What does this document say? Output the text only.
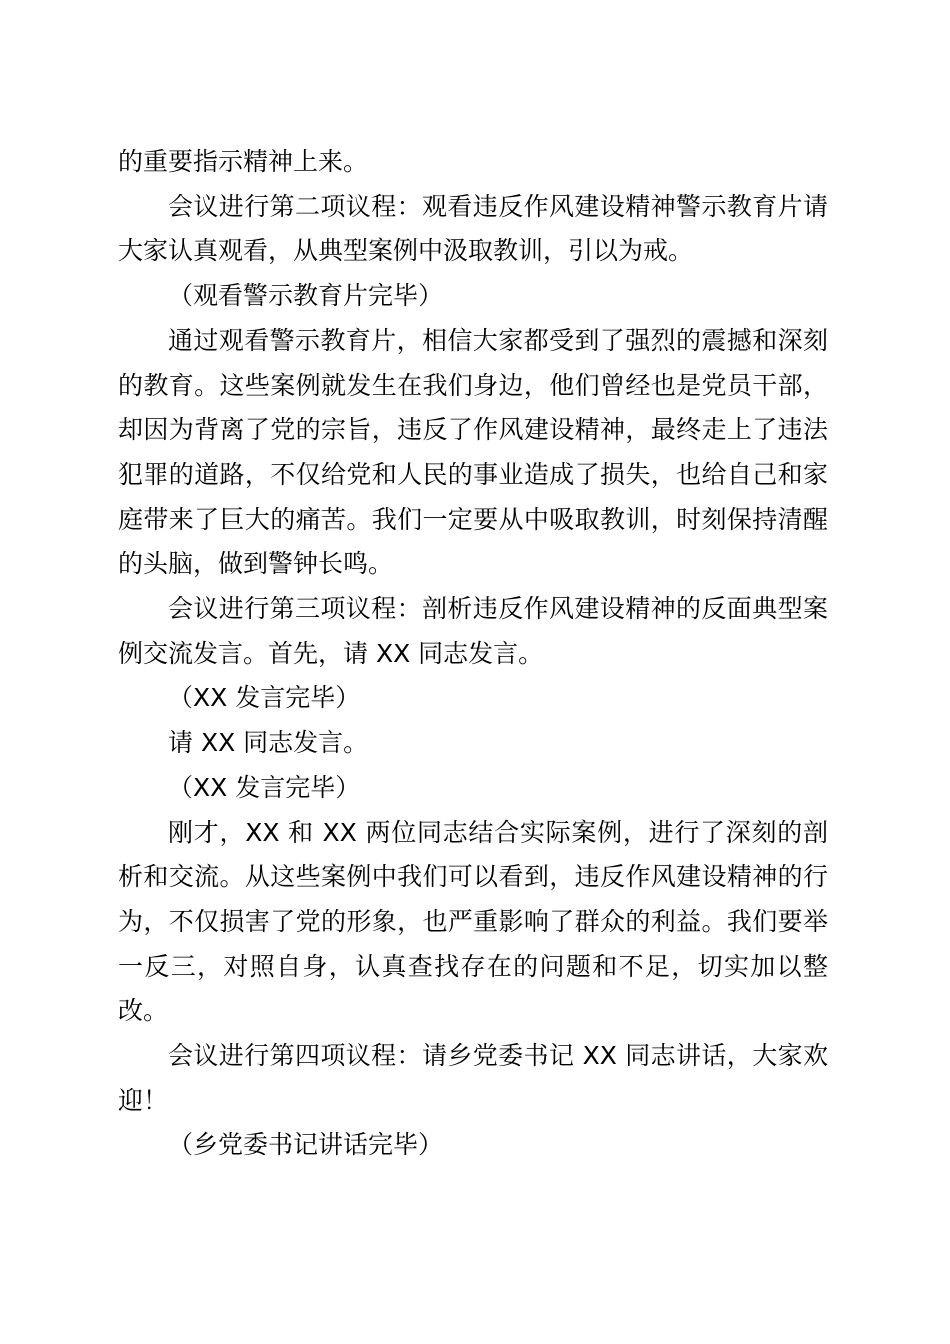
的重要指示精神上来。

会议进行第二项议程：观看违反作风建设精神警示教育片请大家认真观看，从典型案例中汲取教训，引以为戒。

（观看警示教育片完毕）

通过观看警示教育片，相信大家都受到了强烈的震撼和深刻的教育。这些案例就发生在我们身边，他们曾经也是党员干部，却因为背离了党的宗旨，违反了作风建设精神，最终走上了违法犯罪的道路，不仅给党和人民的事业造成了损失，也给自己和家庭带来了巨大的痛苦。我们一定要从中吸取教训，时刻保持清醒的头脑，做到警钟长鸣。

会议进行第三项议程：剖析违反作风建设精神的反面典型案例交流发言。首先，请 XX 同志发言。

（XX 发言完毕）

请 XX 同志发言。

（XX 发言完毕）

刚才，XX 和 XX 两位同志结合实际案例，进行了深刻的剖析和交流。从这些案例中我们可以看到，违反作风建设精神的行为，不仅损害了党的形象，也严重影响了群众的利益。我们要举一反三，对照自身，认真查找存在的问题和不足，切实加以整改。

会议进行第四项议程：请乡党委书记 XX 同志讲话，大家欢迎！

（乡党委书记讲话完毕）
